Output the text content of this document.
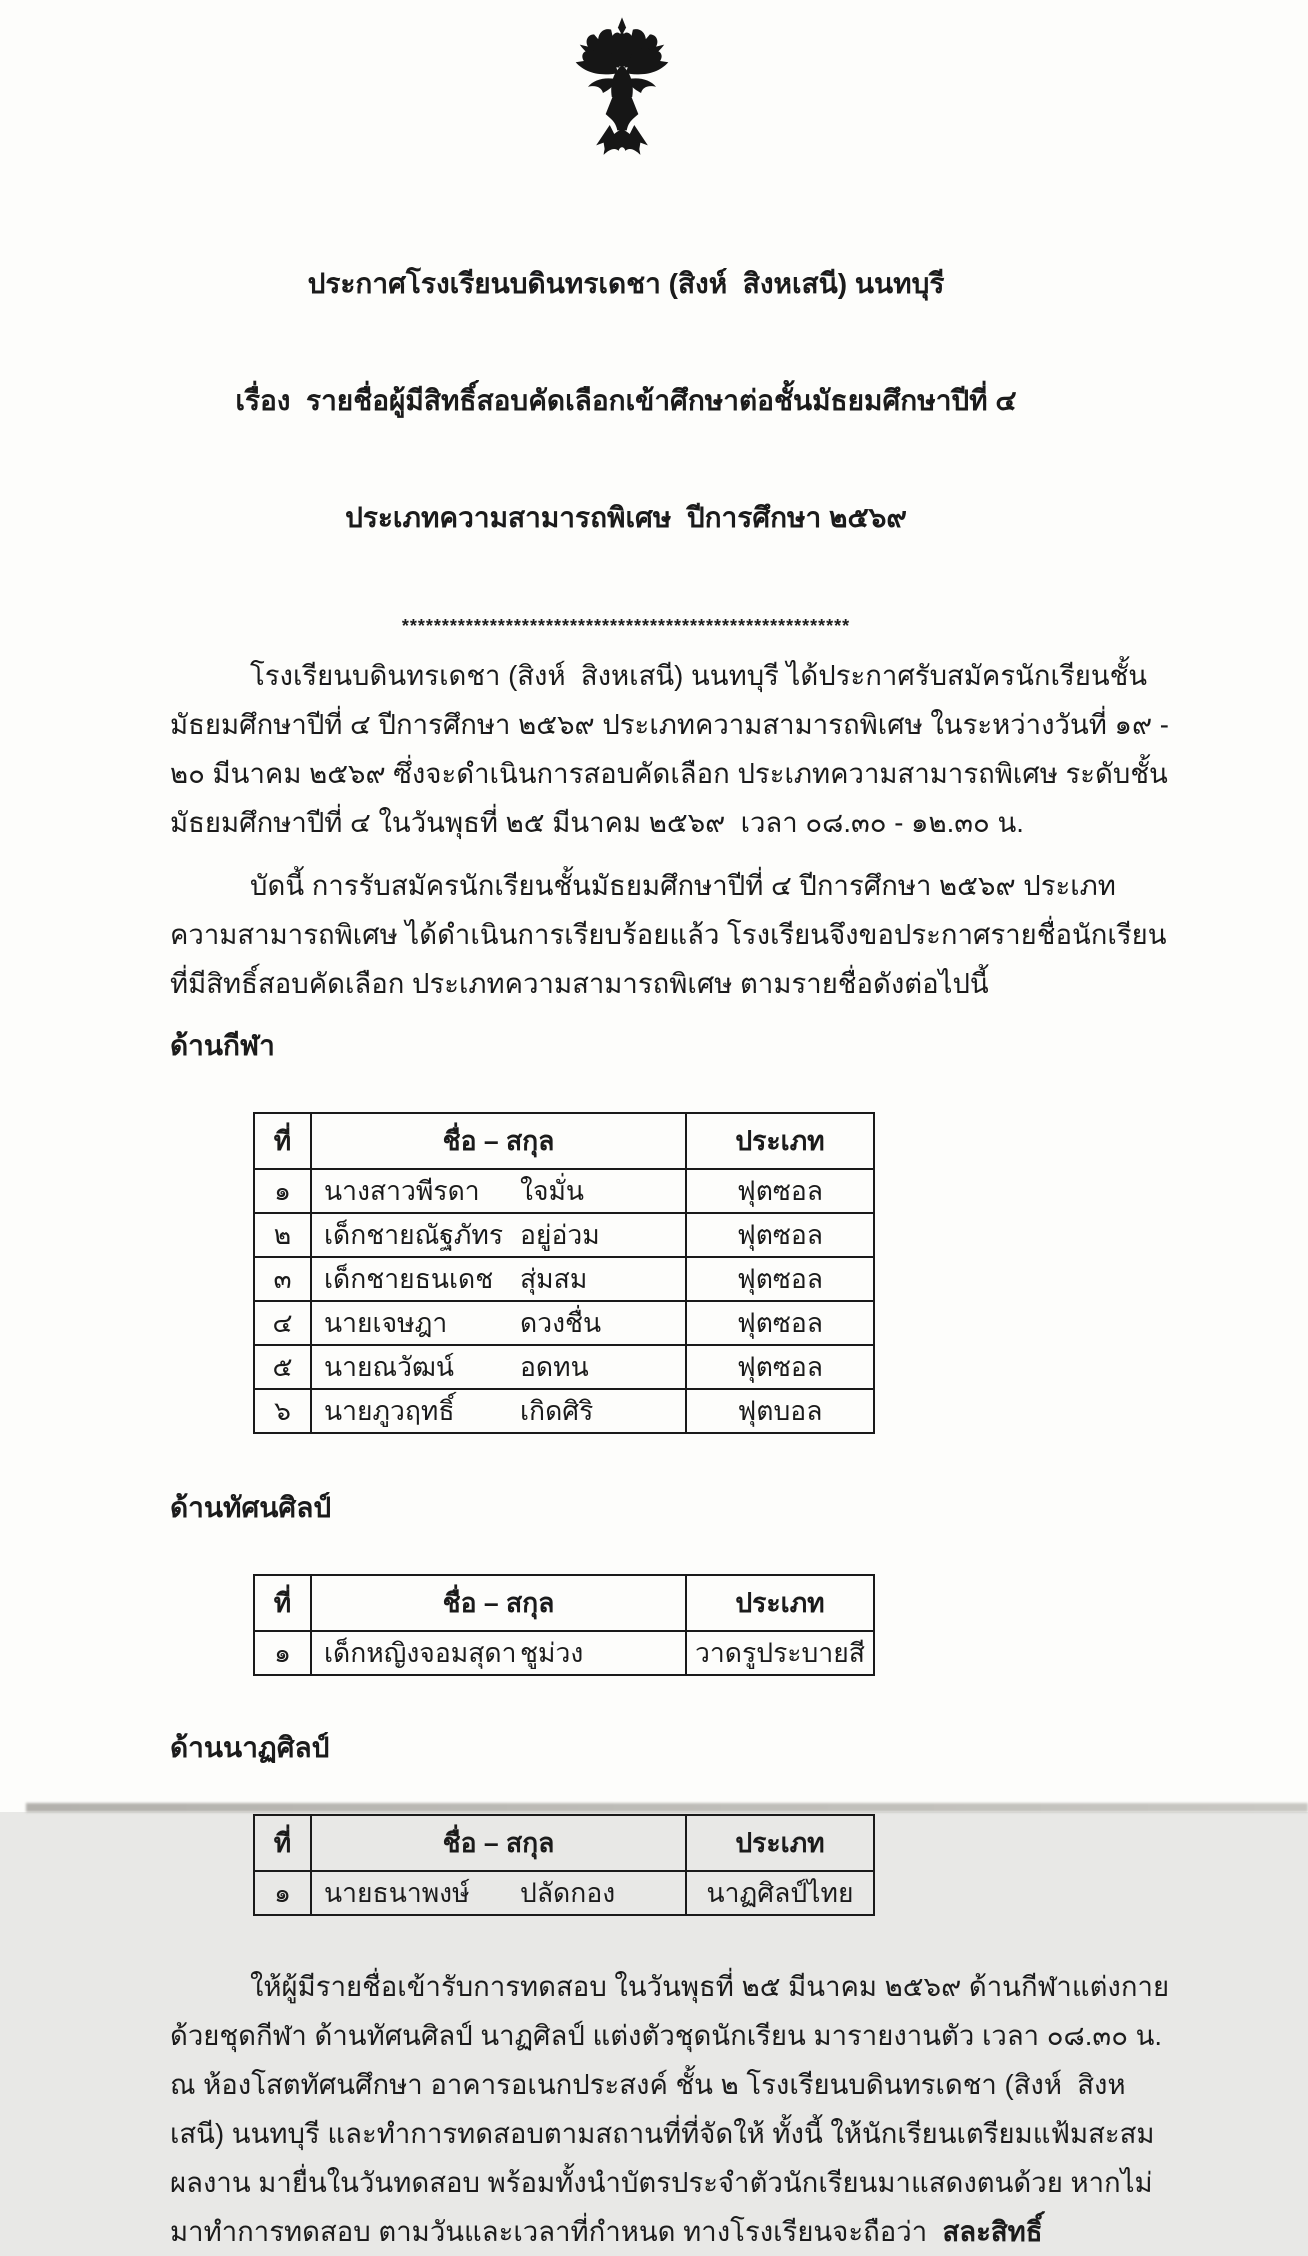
ประกาศโรงเรียนบดินทรเดชา (สิงห์  สิงหเสนี) นนทบุรี

เรื่อง  รายชื่อผู้มีสิทธิ์สอบคัดเลือกเข้าศึกษาต่อชั้นมัธยมศึกษาปีที่ ๔

ประเภทความสามารถพิเศษ  ปีการศึกษา ๒๕๖๙

********************************************************

โรงเรียนบดินทรเดชา (สิงห์  สิงหเสนี) นนทบุรี ได้ประกาศรับสมัครนักเรียนชั้นมัธยมศึกษาปีที่ ๔ ปีการศึกษา ๒๕๖๙ ประเภทความสามารถพิเศษ ในระหว่างวันที่ ๑๙ - ๒๐ มีนาคม ๒๕๖๙ ซึ่งจะดำเนินการสอบคัดเลือก ประเภทความสามารถพิเศษ ระดับชั้นมัธยมศึกษาปีที่ ๔ ในวันพุธที่ ๒๕ มีนาคม ๒๕๖๙  เวลา ๐๘.๓๐ - ๑๒.๓๐ น.

บัดนี้ การรับสมัครนักเรียนชั้นมัธยมศึกษาปีที่ ๔ ปีการศึกษา ๒๕๖๙ ประเภทความสามารถพิเศษ ได้ดำเนินการเรียบร้อยแล้ว โรงเรียนจึงขอประกาศรายชื่อนักเรียนที่มีสิทธิ์สอบคัดเลือก ประเภทความสามารถพิเศษ ตามรายชื่อดังต่อไปนี้

ด้านกีฬา

ที่	ชื่อ – สกุล	ประเภท
๑	นางสาวพีรดา ใจมั่น	ฟุตซอล
๒	เด็กชายณัฐภัทร อยู่อ่วม	ฟุตซอล
๓	เด็กชายธนเดช สุ่มสม	ฟุตซอล
๔	นายเจษฎา ดวงชื่น	ฟุตซอล
๕	นายณวัฒน์ อดทน	ฟุตซอล
๖	นายภูวฤทธิ์ เกิดศิริ	ฟุตบอล

ด้านทัศนศิลป์

ที่	ชื่อ – สกุล	ประเภท
๑	เด็กหญิงจอมสุดา ชูม่วง	วาดรูประบายสี

ด้านนาฏศิลป์

ที่	ชื่อ – สกุล	ประเภท
๑	นายธนาพงษ์ ปลัดกอง	นาฏศิลป์ไทย

ให้ผู้มีรายชื่อเข้ารับการทดสอบ ในวันพุธที่ ๒๕ มีนาคม ๒๕๖๙ ด้านกีฬาแต่งกายด้วยชุดกีฬา ด้านทัศนศิลป์ นาฏศิลป์ แต่งตัวชุดนักเรียน มารายงานตัว เวลา ๐๘.๓๐ น. ณ ห้องโสตทัศนศึกษา อาคารอเนกประสงค์ ชั้น ๒ โรงเรียนบดินทรเดชา (สิงห์  สิงหเสนี) นนทบุรี และทำการทดสอบตามสถานที่ที่จัดให้ ทั้งนี้ ให้นักเรียนเตรียมแฟ้มสะสมผลงาน มายื่นในวันทดสอบ พร้อมทั้งนำบัตรประจำตัวนักเรียนมาแสดงตนด้วย หากไม่มาทำการทดสอบ ตามวันและเวลาที่กำหนด ทางโรงเรียนจะถือว่า  สละสิทธิ์
